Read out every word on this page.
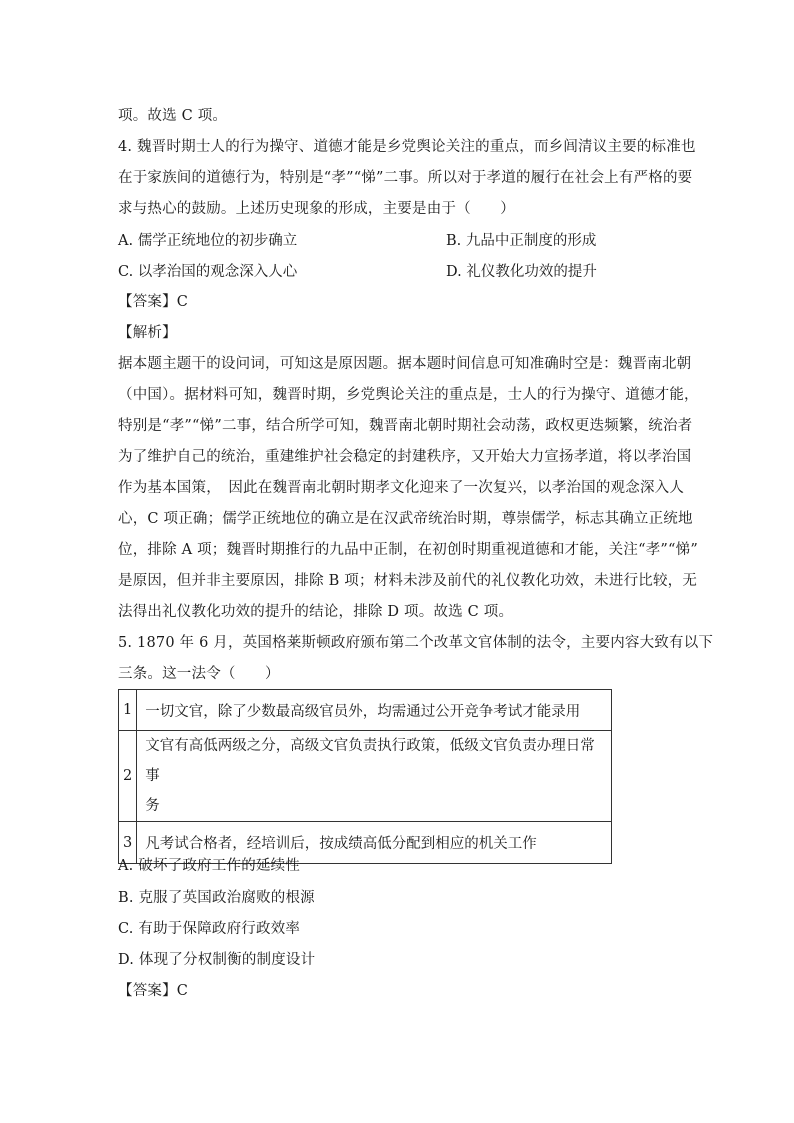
项。故选 C 项。
4. 魏晋时期士人的行为操守、道德才能是乡党舆论关注的重点，而乡闾清议主要的标准也
在于家族间的道德行为，特别是“孝”“悌”二事。所以对于孝道的履行在社会上有严格的要
求与热心的鼓励。上述历史现象的形成，主要是由于（　　）
A. 儒学正统地位的初步确立	B. 九品中正制度的形成
C. 以孝治国的观念深入人心	D. 礼仪教化功效的提升
【答案】C
【解析】
据本题主题干的设问词，可知这是原因题。据本题时间信息可知准确时空是：魏晋南北朝
（中国）。据材料可知，魏晋时期，乡党舆论关注的重点是，士人的行为操守、道德才能，
特别是“孝”“悌”二事，结合所学可知，魏晋南北朝时期社会动荡，政权更迭频繁，统治者
为了维护自己的统治，重建维护社会稳定的封建秩序，又开始大力宣扬孝道，将以孝治国
作为基本国策，　因此在魏晋南北朝时期孝文化迎来了一次复兴，以孝治国的观念深入人
心，C 项正确；儒学正统地位的确立是在汉武帝统治时期，尊崇儒学，标志其确立正统地
位，排除 A 项；魏晋时期推行的九品中正制，在初创时期重视道德和才能，关注“孝”“悌”
是原因，但并非主要原因，排除 B 项；材料未涉及前代的礼仪教化功效，未进行比较，无
法得出礼仪教化功效的提升的结论，排除 D 项。故选 C 项。
5. 1870 年 6 月，英国格莱斯顿政府颁布第二个改革文官体制的法令，主要内容大致有以下
三条。这一法令（　　）
1	一切文官，除了少数最高级官员外，均需通过公开竞争考试才能录用
2	文官有高低两级之分，高级文官负责执行政策，低级文官负责办理日常事
务

3	凡考试合格者，经培训后，按成绩高低分配到相应的机关工作
A. 破坏了政府工作的延续性
B. 克服了英国政治腐败的根源
C. 有助于保障政府行政效率
D. 体现了分权制衡的制度设计
【答案】C
